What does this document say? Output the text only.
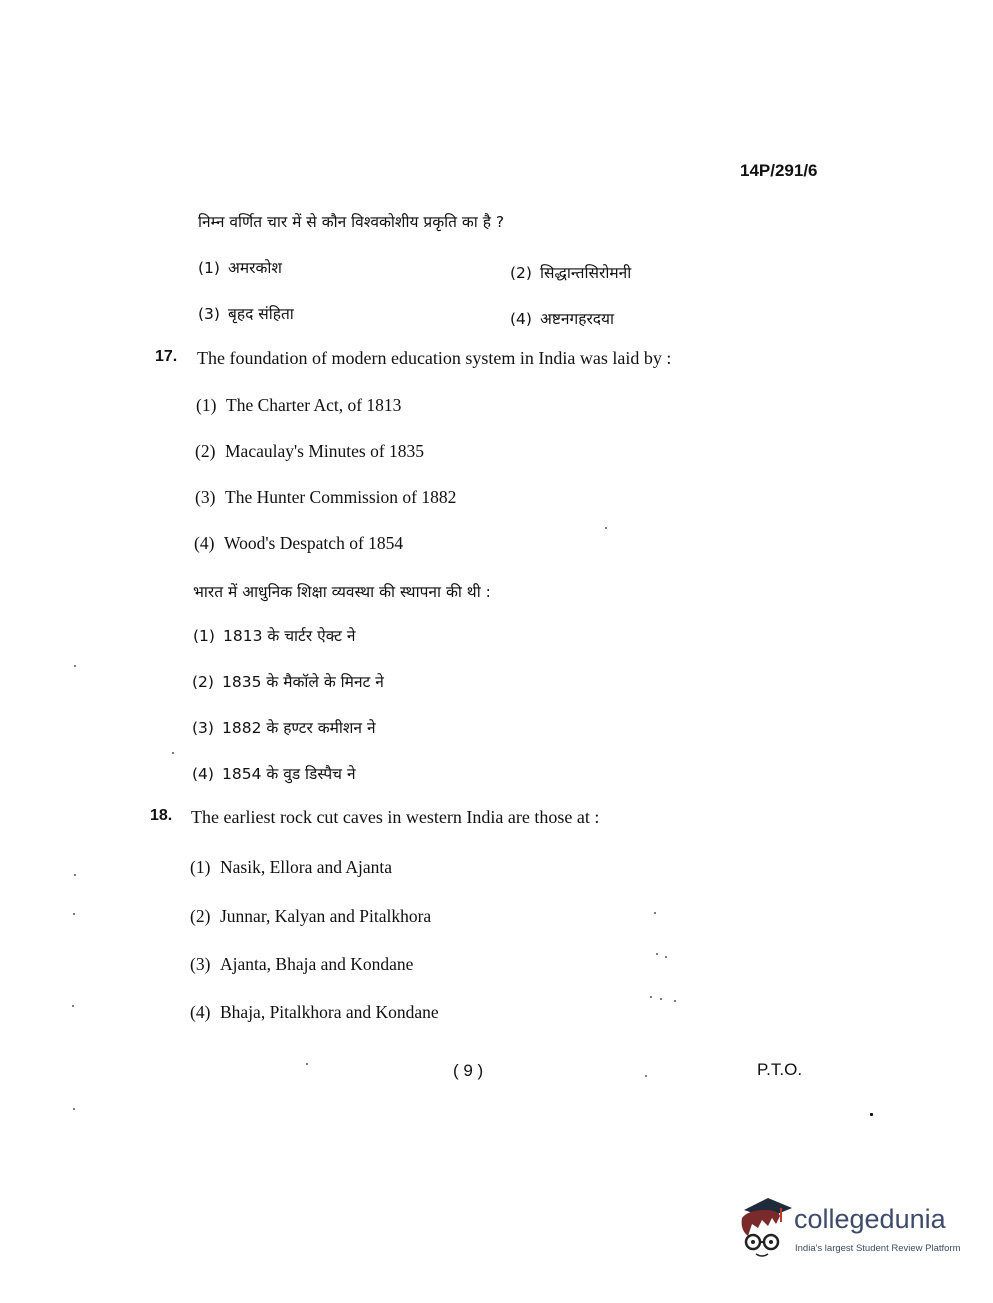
14P/291/6
निम्न वर्णित चार में से कौन विश्वकोशीय प्रकृति का है ?
(1) अमरकोश	(2) सिद्धान्तसिरोमनी
(3) बृहद संहिता	(4) अष्टनगहरदया
17. The foundation of modern education system in India was laid by :
(1) The Charter Act, of 1813
(2) Macaulay's Minutes of 1835
(3) The Hunter Commission of 1882
(4) Wood's Despatch of 1854
भारत में आधुनिक शिक्षा व्यवस्था की स्थापना की थी :
(1) 1813 के चार्टर ऐक्ट ने
(2) 1835 के मैकॉले के मिनट ने
(3) 1882 के हण्टर कमीशन ने
(4) 1854 के वुड डिस्पैच ने
18. The earliest rock cut caves in western India are those at :
(1) Nasik, Ellora and Ajanta
(2) Junnar, Kalyan and Pitalkhora
(3) Ajanta, Bhaja and Kondane
(4) Bhaja, Pitalkhora and Kondane
( 9 )	P.T.O.
collegedunia
India's largest Student Review Platform
